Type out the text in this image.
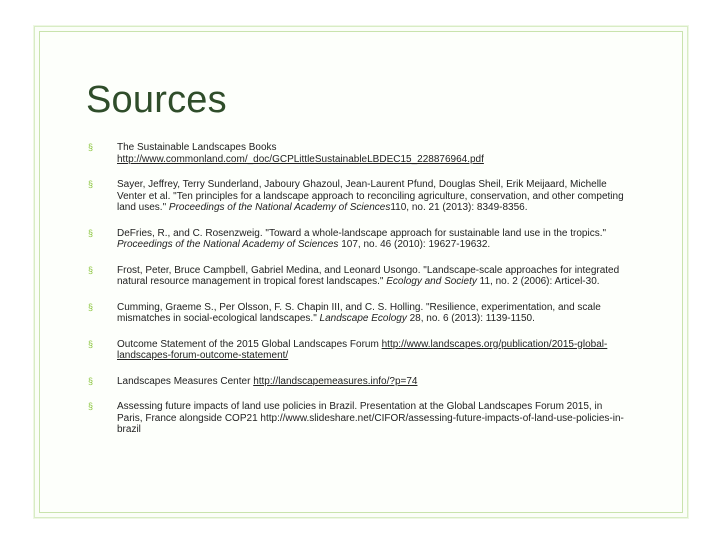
Sources
§ The Sustainable Landscapes Books http://www.commonland.com/_doc/GCPLittleSustainableLBDEC15_228876964.pdf
§ Sayer, Jeffrey, Terry Sunderland, Jaboury Ghazoul, Jean-Laurent Pfund, Douglas Sheil, Erik Meijaard, Michelle Venter et al. "Ten principles for a landscape approach to reconciling agriculture, conservation, and other competing land uses." Proceedings of the National Academy of Sciences110, no. 21 (2013): 8349-8356.
§ DeFries, R., and C. Rosenzweig. "Toward a whole-landscape approach for sustainable land use in the tropics." Proceedings of the National Academy of Sciences 107, no. 46 (2010): 19627-19632.
§ Frost, Peter, Bruce Campbell, Gabriel Medina, and Leonard Usongo. "Landscape-scale approaches for integrated natural resource management in tropical forest landscapes." Ecology and Society 11, no. 2 (2006): Articel-30.
§ Cumming, Graeme S., Per Olsson, F. S. Chapin III, and C. S. Holling. "Resilience, experimentation, and scale mismatches in social-ecological landscapes." Landscape Ecology 28, no. 6 (2013): 1139-1150.
§ Outcome Statement of the 2015 Global Landscapes Forum http://www.landscapes.org/publication/2015-global-landscapes-forum-outcome-statement/
§ Landscapes Measures Center http://landscapemeasures.info/?p=74
§ Assessing future impacts of land use policies in Brazil. Presentation at the Global Landscapes Forum 2015, in Paris, France alongside COP21 http://www.slideshare.net/CIFOR/assessing-future-impacts-of-land-use-policies-in-brazil
